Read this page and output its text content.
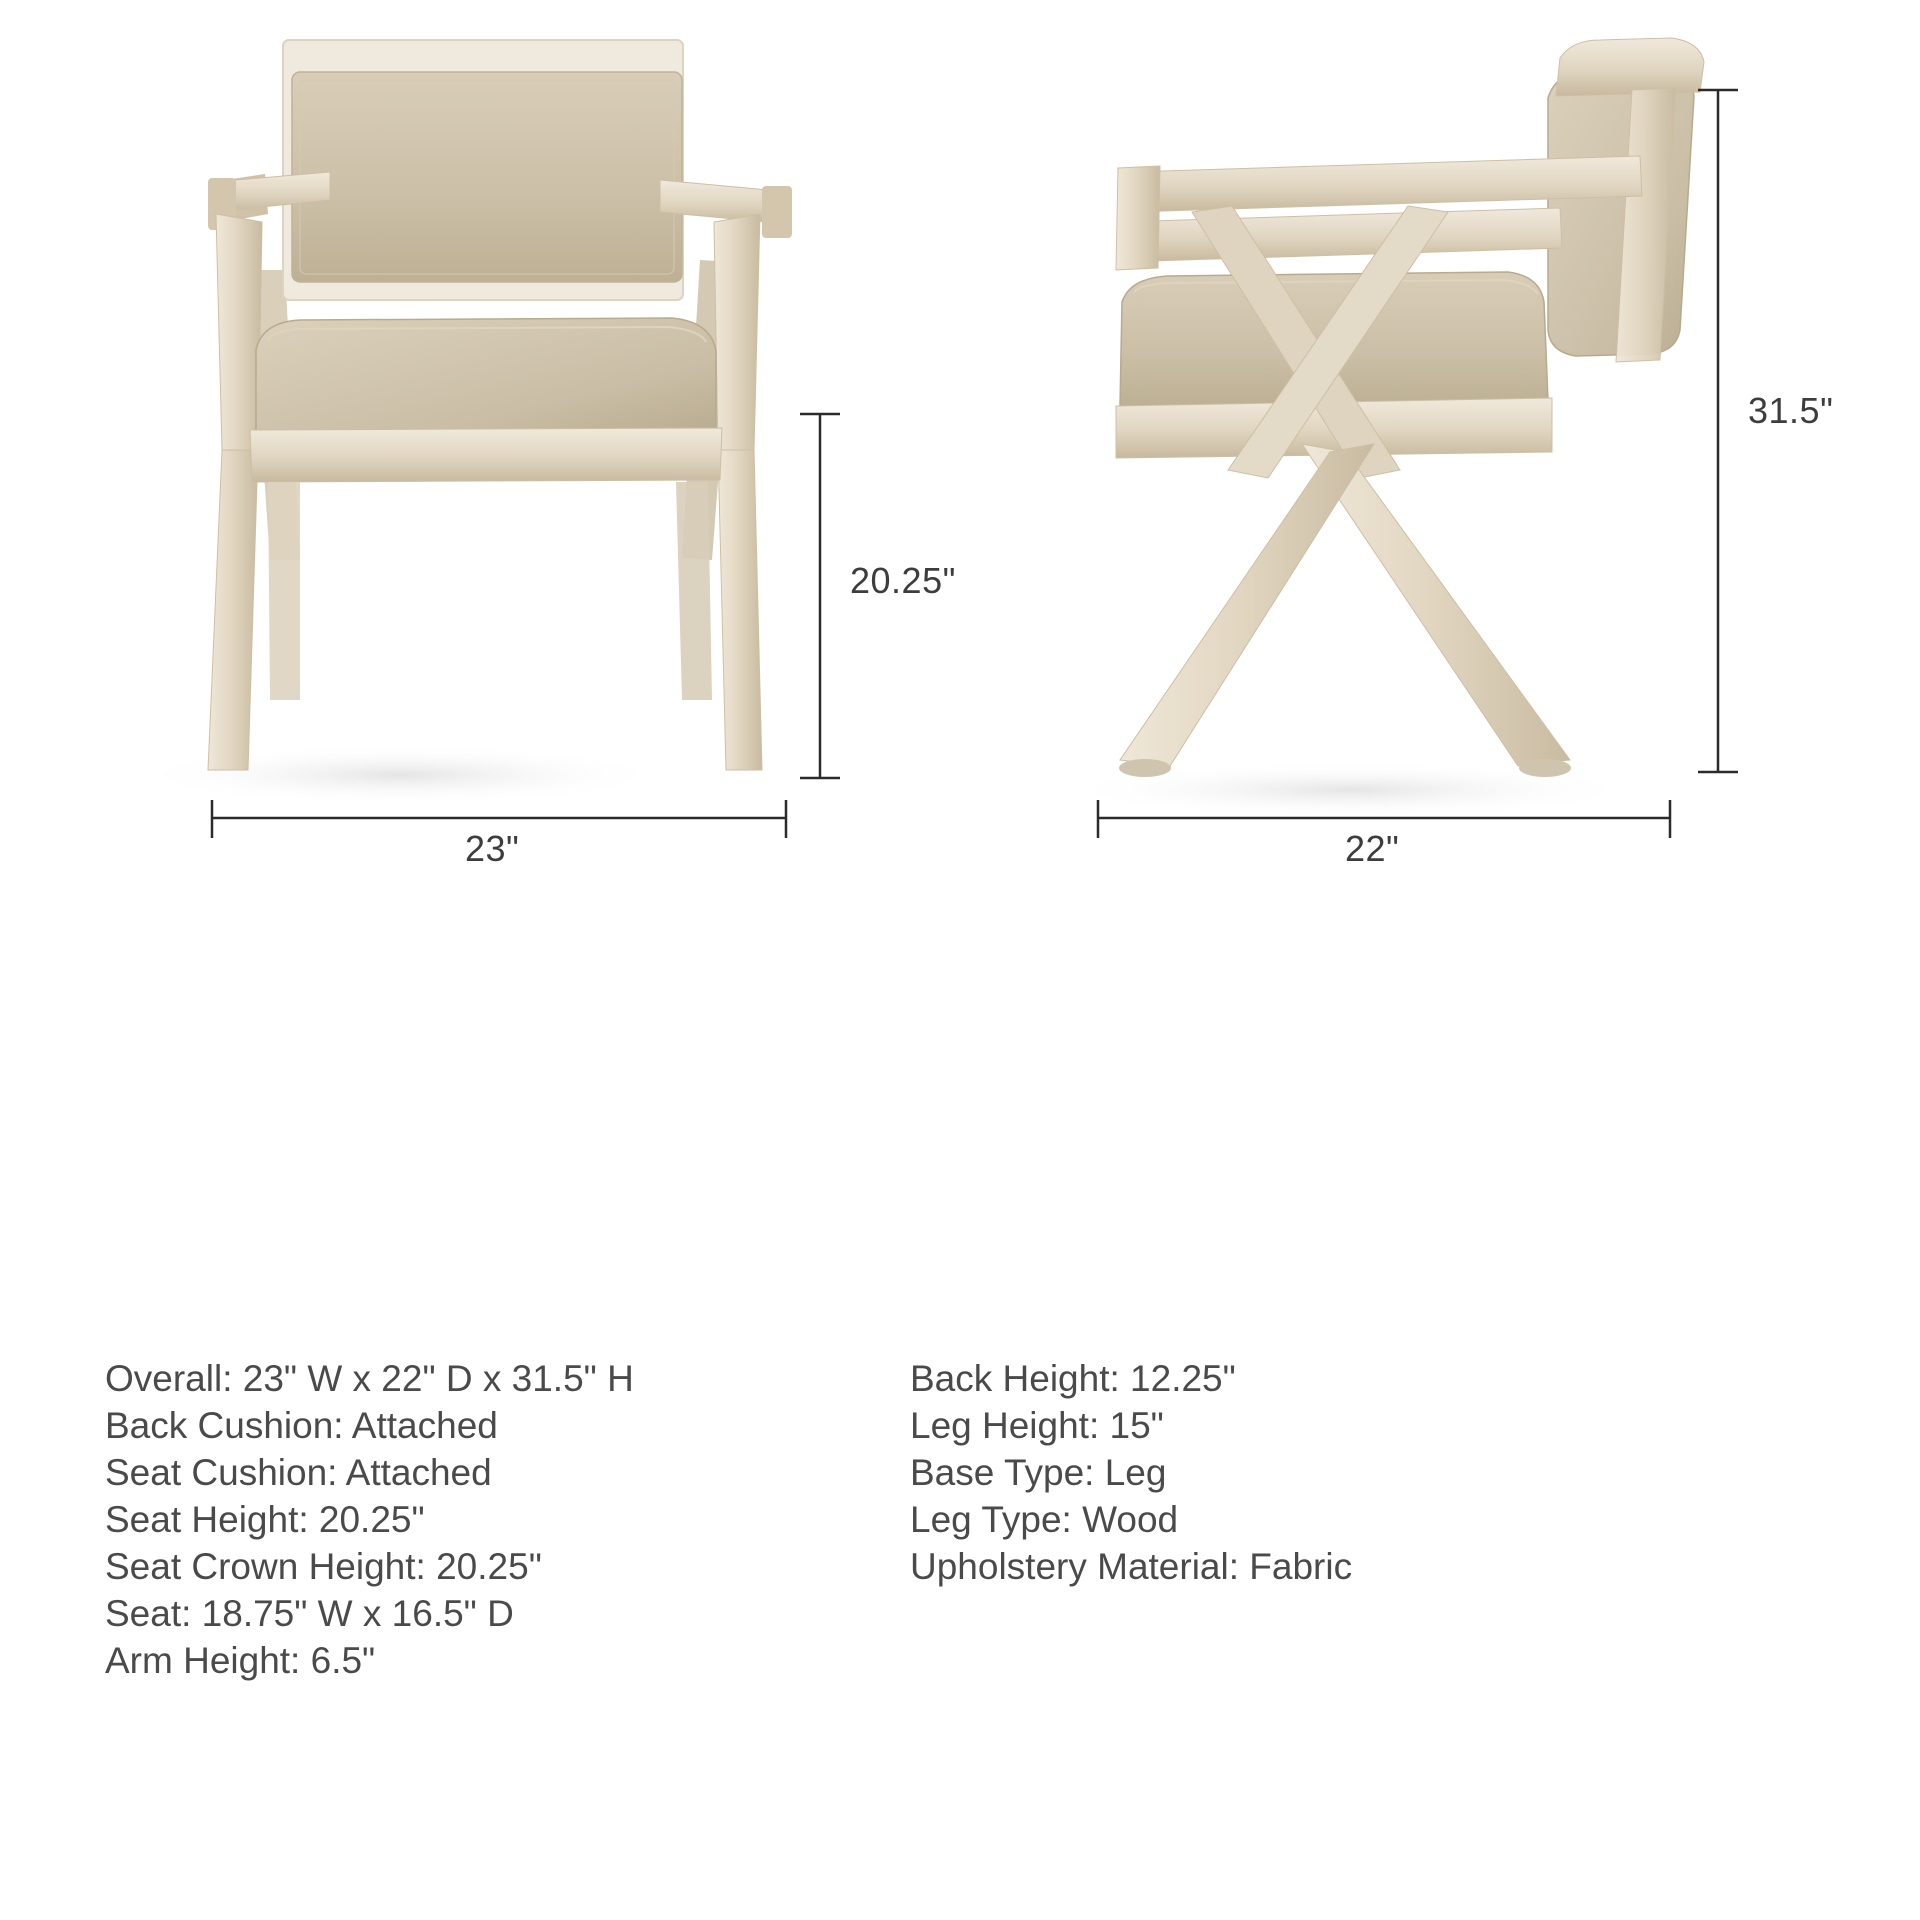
20.25"
23"
31.5"
22"
Overall: 23" W x 22" D x 31.5" H
Back Cushion: Attached
Seat Cushion: Attached
Seat Height: 20.25"
Seat Crown Height: 20.25"
Seat: 18.75" W x 16.5" D
Arm Height: 6.5"
Back Height: 12.25"
Leg Height: 15"
Base Type: Leg
Leg Type: Wood
Upholstery Material: Fabric
